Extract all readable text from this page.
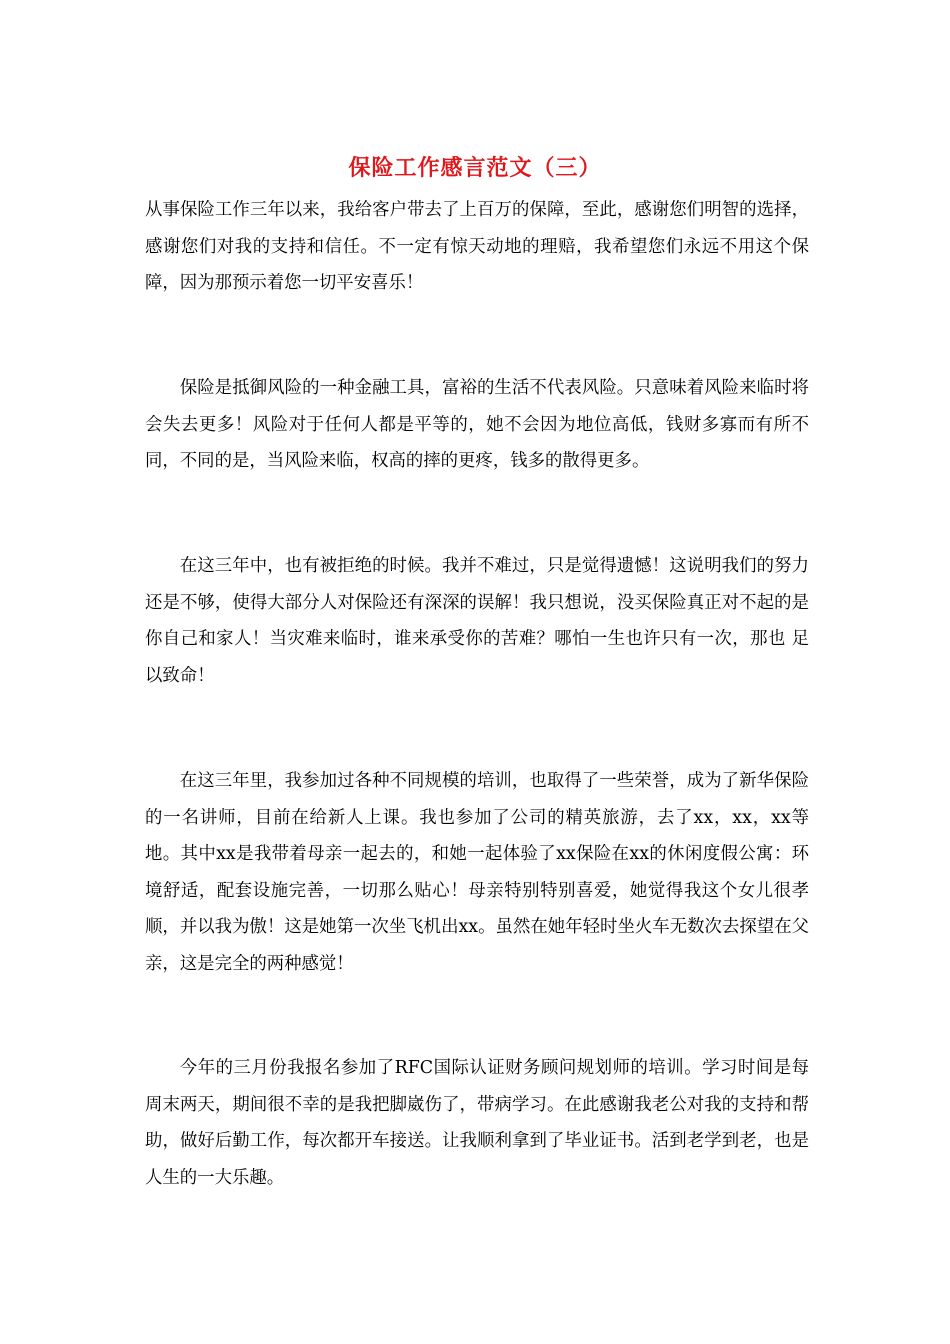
保险工作感言范文（三）

从事保险工作三年以来，我给客户带去了上百万的保障，至此，感谢您们明智的选择，感谢您们对我的支持和信任。不一定有惊天动地的理赔，我希望您们永远不用这个保障，因为那预示着您一切平安喜乐！

保险是抵御风险的一种金融工具，富裕的生活不代表风险。只意味着风险来临时将会失去更多！风险对于任何人都是平等的，她不会因为地位高低，钱财多寡而有所不同，不同的是，当风险来临，权高的摔的更疼，钱多的散得更多。

在这三年中，也有被拒绝的时候。我并不难过，只是觉得遗憾！这说明我们的努力还是不够，使得大部分人对保险还有深深的误解！我只想说，没买保险真正对不起的是你自己和家人！当灾难来临时，谁来承受你的苦难？哪怕一生也许只有一次，那也 足以致命！

在这三年里，我参加过各种不同规模的培训，也取得了一些荣誉，成为了新华保险的一名讲师，目前在给新人上课。我也参加了公司的精英旅游，去了xx，xx，xx等地。其中xx是我带着母亲一起去的，和她一起体验了xx保险在xx的休闲度假公寓：环境舒适，配套设施完善，一切那么贴心！母亲特别特别喜爱，她觉得我这个女儿很孝顺，并以我为傲！这是她第一次坐飞机出xx。虽然在她年轻时坐火车无数次去探望在父亲，这是完全的两种感觉！

今年的三月份我报名参加了RFC国际认证财务顾问规划师的培训。学习时间是每周末两天，期间很不幸的是我把脚崴伤了，带病学习。在此感谢我老公对我的支持和帮助，做好后勤工作，每次都开车接送。让我顺利拿到了毕业证书。活到老学到老，也是人生的一大乐趣。
